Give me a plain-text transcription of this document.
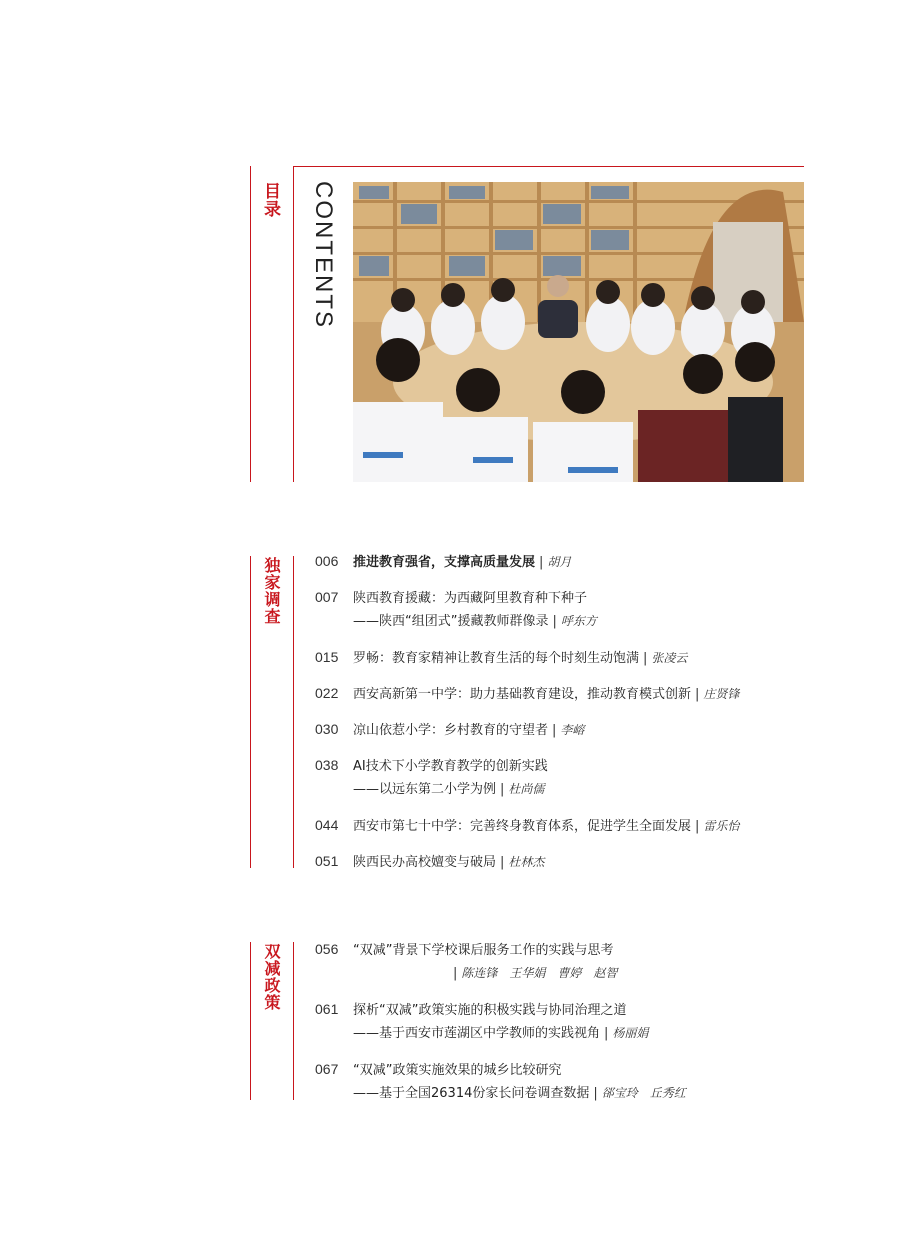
目录 CONTENTS
独家调查 006 推进教育强省，支撑高质量发展 | 胡月
007 陕西教育援藏：为西藏阿里教育种下种子
——陕西“组团式”援藏教师群像录 | 呼东方
015 罗畅：教育家精神让教育生活的每个时刻生动饱满 | 张凌云
022 西安高新第一中学：助力基础教育建设，推动教育模式创新 | 庄贤锋
030 凉山依惹小学：乡村教育的守望者 | 李嵱
038 AI技术下小学教育教学的创新实践
——以远东第二小学为例 | 杜尚儒
044 西安市第七十中学：完善终身教育体系，促进学生全面发展 | 雷乐怡
051 陕西民办高校嬗变与破局 | 杜林杰
双减政策 056 “双减”背景下学校课后服务工作的实践与思考
| 陈连锋　王华娟　曹婷　赵智
061 探析“双减”政策实施的积极实践与协同治理之道
——基于西安市莲湖区中学教师的实践视角 | 杨丽娟
067 “双减”政策实施效果的城乡比较研究
——基于全国26314份家长问卷调查数据 | 郤宝玲　丘秀红
